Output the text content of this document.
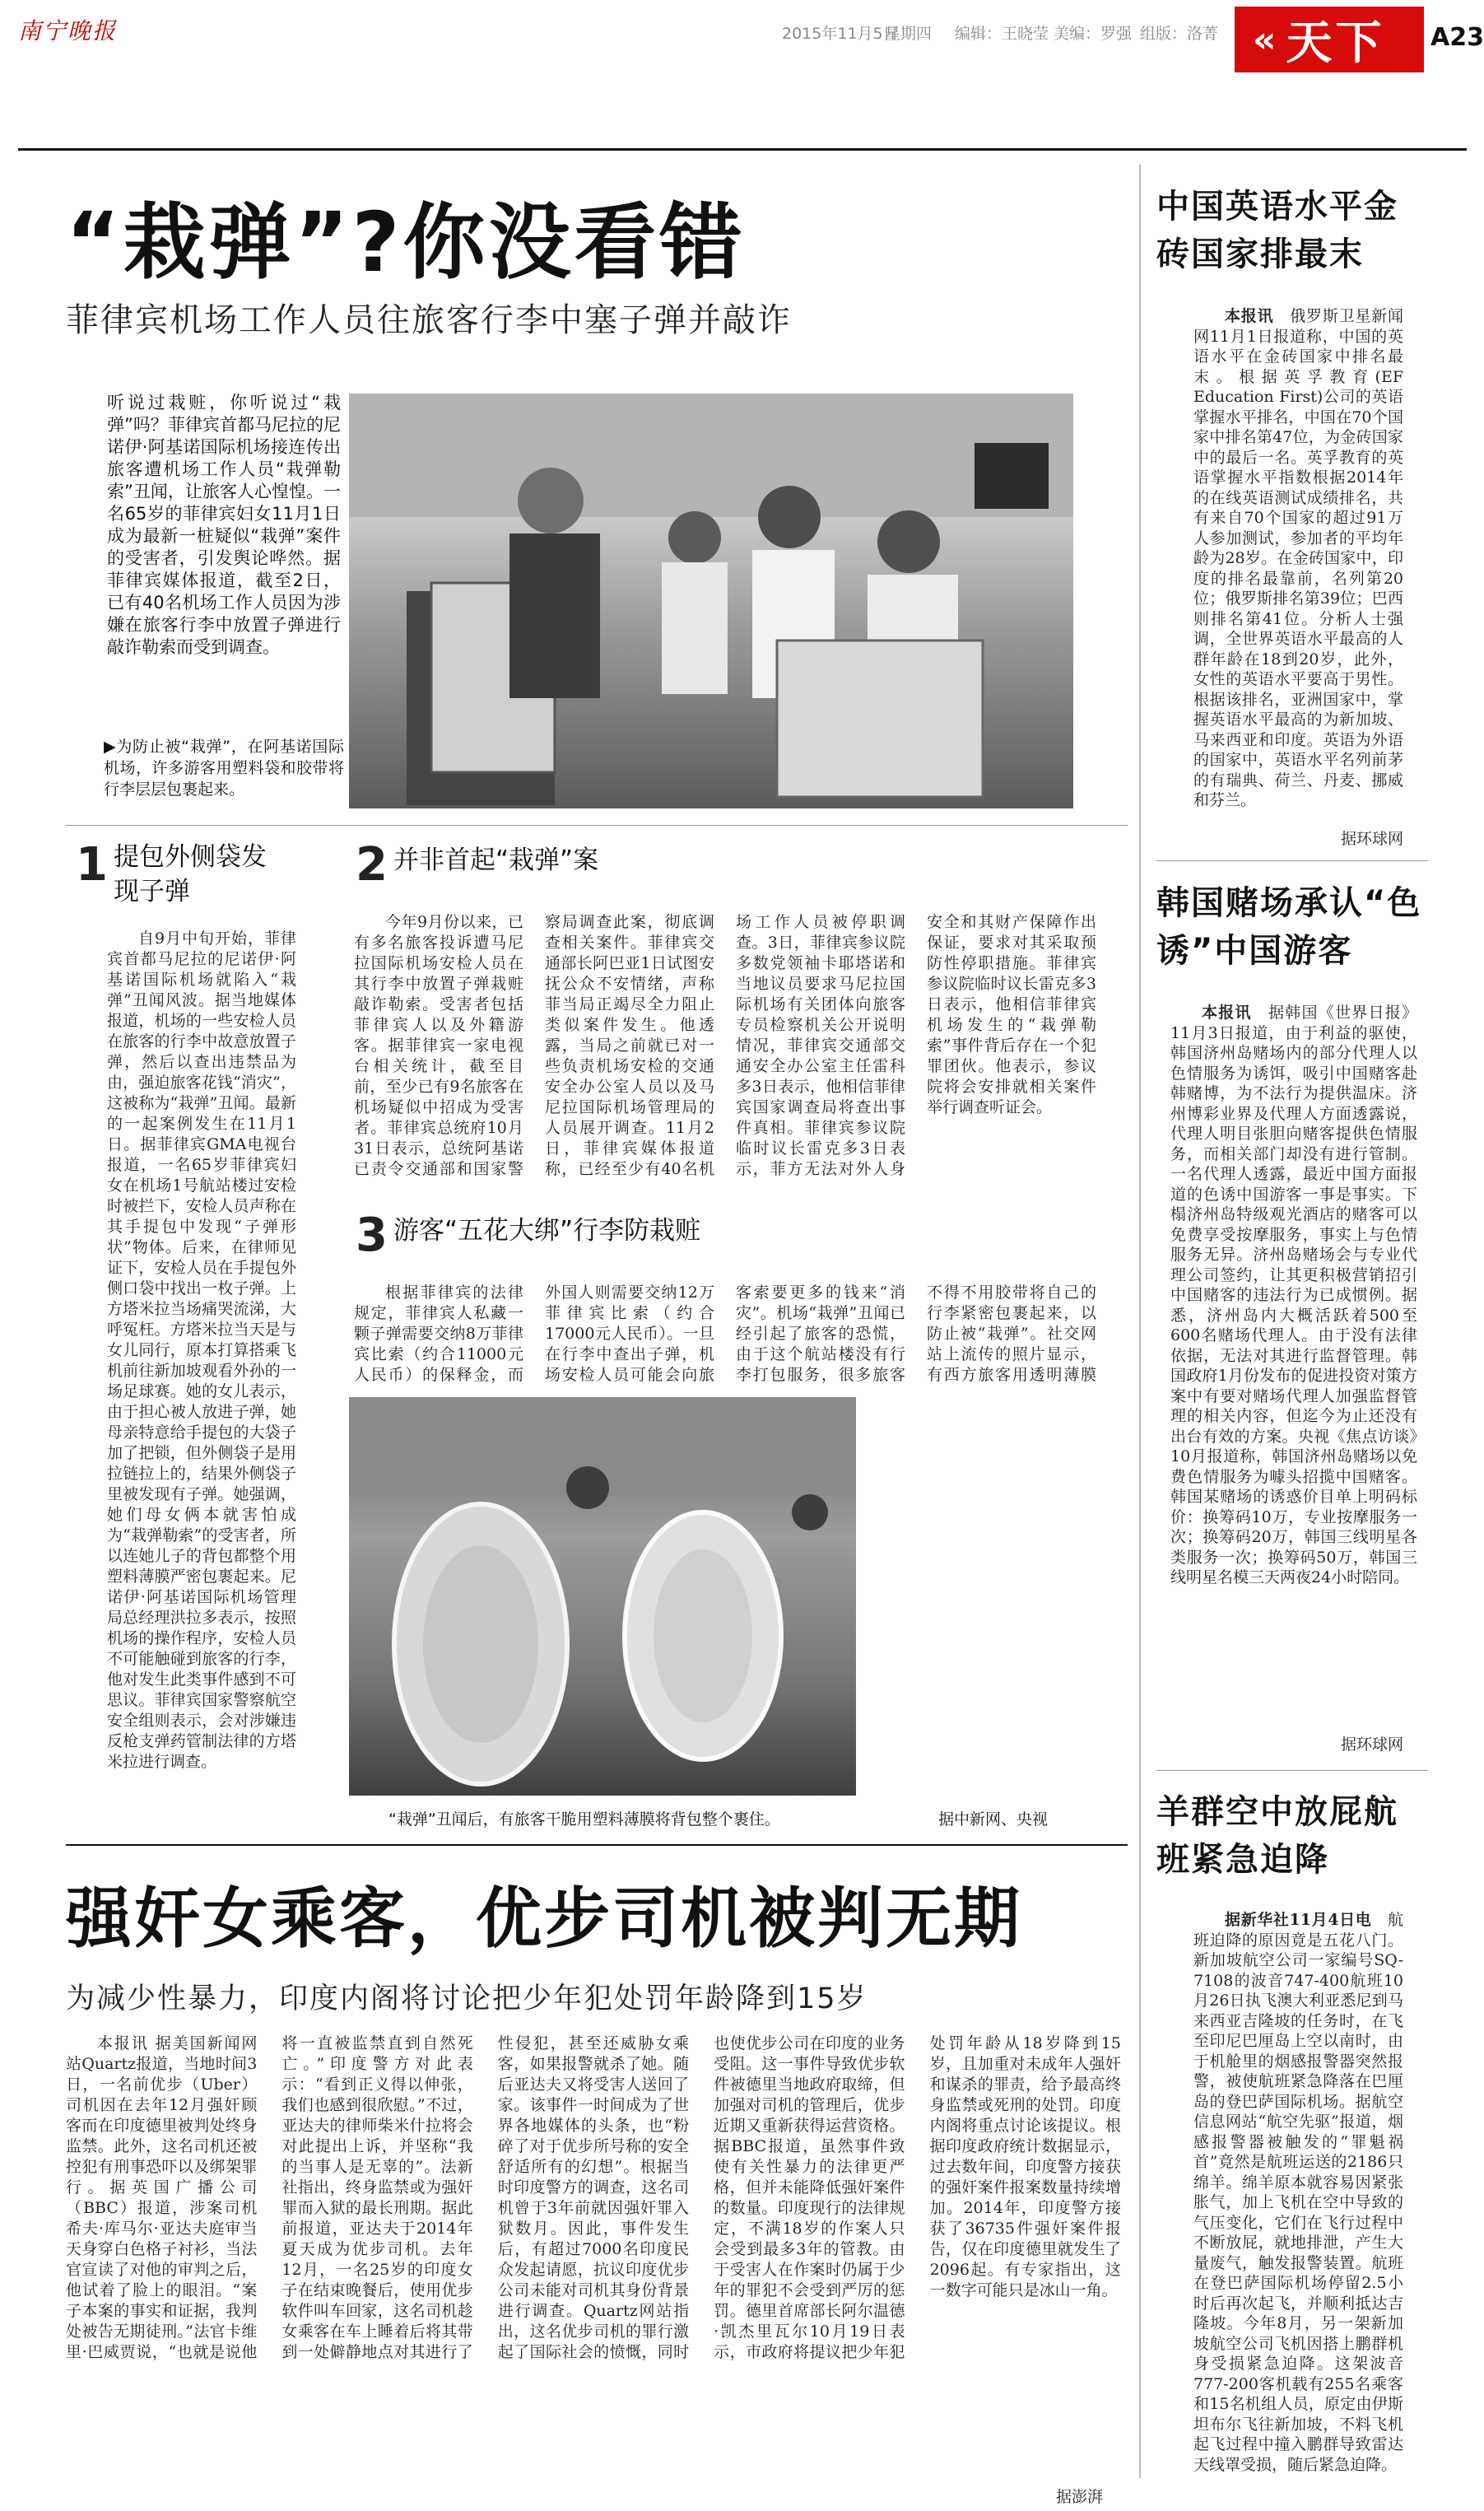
南宁晚报	2015年11月5日
星期四 编辑：王晓莹 美编：罗强 组版：洛菁 « 天下 A23
“栽弹”?你没看错
菲律宾机场工作人员往旅客行李中塞子弹并敲诈
听说过栽赃，你听说过“栽弹”吗？菲律宾首都马尼拉的尼诺伊·阿基诺国际机场接连传出旅客遭机场工作人员“栽弹勒索”丑闻，让旅客人心惶惶。一名65岁的菲律宾妇女11月1日成为最新一桩疑似“栽弹”案件的受害者，引发舆论哗然。据菲律宾媒体报道，截至2日，已有40名机场工作人员因为涉嫌在旅客行李中放置子弹进行敲诈勒索而受到调查。
▶为防止被“栽弹”，在阿基诺国际机场，许多游客用塑料袋和胶带将行李层层包裹起来。
1 提包外侧袋发现子弹
自9月中旬开始，菲律宾首都马尼拉的尼诺伊·阿基诺国际机场就陷入“栽弹”丑闻风波。据当地媒体报道，机场的一些安检人员在旅客的行李中故意放置子弹，然后以查出违禁品为由，强迫旅客花钱“消灾”，这被称为“栽弹”丑闻。最新的一起案例发生在11月1日。据菲律宾GMA电视台报道，一名65岁菲律宾妇女在机场1号航站楼过安检时被拦下，安检人员声称在其手提包中发现“子弹形状”物体。后来，在律师见证下，安检人员在手提包外侧口袋中找出一枚子弹。上方塔米拉当场痛哭流涕，大呼冤枉。方塔米拉当天是与女儿同行，原本打算搭乘飞机前往新加坡观看外孙的一场足球赛。她的女儿表示，由于担心被人放进子弹，她母亲特意给手提包的大袋子加了把锁，但外侧袋子是用拉链拉上的，结果外侧袋子里被发现有子弹。她强调，她们母女俩本就害怕成为“栽弹勒索”的受害者，所以连她儿子的背包都整个用塑料薄膜严密包裹起来。尼诺伊·阿基诺国际机场管理局总经理洪拉多表示，按照机场的操作程序，安检人员不可能触碰到旅客的行李，他对发生此类事件感到不可思议。菲律宾国家警察航空安全组则表示，会对涉嫌违反枪支弹药管制法律的方塔米拉进行调查。
2 并非首起“栽弹”案
今年9月份以来，已有多名旅客投诉遭马尼拉国际机场安检人员在其行李中放置子弹栽赃敲诈勒索。受害者包括菲律宾人以及外籍游客。据菲律宾一家电视台相关统计，截至目前，至少已有9名旅客在机场疑似中招成为受害者。菲律宾总统府10月31日表示，总统阿基诺已责令交通部和国家警察局调查此案，彻底调查相关案件。菲律宾交通部长阿巴亚1日试图安抚公众不安情绪，声称菲当局正竭尽全力阻止类似案件发生。他透露，当局之前就已对一些负责机场安检的交通安全办公室人员以及马尼拉国际机场管理局的人员展开调查。11月2日，菲律宾媒体报道称，已经至少有40名机场工作人员被停职调查。3日，菲律宾参议院多数党领袖卡耶塔诺和当地议员要求马尼拉国际机场有关团体向旅客专员检察机关公开说明情况，菲律宾交通部交通安全办公室主任雷科多3日表示，他相信菲律宾国家调查局将查出事件真相。菲律宾参议院临时议长雷克多3日表示，菲方无法对外人身安全和其财产保障作出保证，要求对其采取预防性停职措施。菲律宾参议院临时议长雷克多3日表示，他相信菲律宾机场发生的“栽弹勒索”事件背后存在一个犯罪团伙。他表示，参议院将会安排就相关案件举行调查听证会。
3 游客“五花大绑”行李防栽赃
根据菲律宾的法律规定，菲律宾人私藏一颗子弹需要交纳8万菲律宾比索（约合11000元人民币）的保释金，而外国人则需要交纳12万菲律宾比索（约合17000元人民币）。一旦在行李中查出子弹，机场安检人员可能会向旅客索要更多的钱来“消灾”。机场“栽弹”丑闻已经引起了旅客的恐慌，由于这个航站楼没有行李打包服务，很多旅客不得不用胶带将自己的行李紧密包裹起来，以防止被“栽弹”。社交网站上流传的照片显示，有西方旅客用透明薄膜
“栽弹”丑闻后，有旅客干脆用塑料薄膜将背包整个裹住。	据中新网、央视
强奸女乘客，优步司机被判无期
为减少性暴力，印度内阁将讨论把少年犯处罚年龄降到15岁
本报讯 据美国新闻网站Quartz报道，当地时间3日，一名前优步（Uber）司机因在去年12月强奸顾客而在印度德里被判处终身监禁。此外，这名司机还被控犯有刑事恐吓以及绑架罪行。据英国广播公司（BBC）报道，涉案司机希夫·库马尔·亚达夫庭审当天身穿白色格子衬衫，当法官宣读了对他的审判之后，他试着了脸上的眼泪。“案子本案的事实和证据，我判处被告无期徒刑。”法官卡维里·巴威贾说，“也就是说他将一直被监禁直到自然死亡。”印度警方对此表示：“看到正义得以伸张，我们也感到很欣慰。”不过，亚达夫的律师柴米什拉将会对此提出上诉，并坚称“我的当事人是无辜的”。法新社指出，终身监禁或为强奸罪而入狱的最长刑期。据此前报道，亚达夫于2014年夏天成为优步司机。去年12月，一名25岁的印度女子在结束晚餐后，使用优步软件叫车回家，这名司机趁女乘客在车上睡着后将其带到一处僻静地点对其进行了性侵犯，甚至还威胁女乘客，如果报警就杀了她。随后亚达夫又将受害人送回了家。该事件一时间成为了世界各地媒体的头条，也“粉碎了对于优步所号称的安全舒适所有的幻想”。根据当时印度警方的调查，这名司机曾于3年前就因强奸罪入狱数月。因此，事件发生后，有超过7000名印度民众发起请愿，抗议印度优步公司未能对司机其身份背景进行调查。Quartz网站指出，这名优步司机的罪行激起了国际社会的愤慨，同时也使优步公司在印度的业务受阻。这一事件导致优步软件被德里当地政府取缔，但加强对司机的管理后，优步近期又重新获得运营资格。据BBC报道，虽然事件致使有关性暴力的法律更严格，但并未能降低强奸案件的数量。印度现行的法律规定，不满18岁的作案人只会受到最多3年的管教。由于受害人在作案时仍属于少年的罪犯不会受到严厉的惩罚。德里首席部长阿尔温德·凯杰里瓦尔10月19日表示，市政府将提议把少年犯处罚年龄从18岁降到15岁，且加重对未成年人强奸和谋杀的罪责，给予最高终身监禁或死刑的处罚。印度内阁将重点讨论该提议。根据印度政府统计数据显示，过去数年间，印度警方接获的强奸案件报案数量持续增加。2014年，印度警方接获了36735件强奸案件报告，仅在印度德里就发生了2096起。有专家指出，这一数字可能只是冰山一角。
据澎湃
中国英语水平金砖国家排最末
本报讯　 俄罗斯卫星新闻网11月1日报道称，中国的英语水平在金砖国家中排名最末。根据英孚教育(EF Education First)公司的英语掌握水平排名，中国在70个国家中排名第47位，为金砖国家中的最后一名。英孚教育的英语掌握水平指数根据2014年的在线英语测试成绩排名，共有来自70个国家的超过91万人参加测试，参加者的平均年龄为28岁。在金砖国家中，印度的排名最靠前，名列第20位；俄罗斯排名第39位；巴西则排名第41位。分析人士强调，全世界英语水平最高的人群年龄在18到20岁，此外，女性的英语水平要高于男性。根据该排名，亚洲国家中，掌握英语水平最高的为新加坡、马来西亚和印度。英语为外语的国家中，英语水平名列前茅的有瑞典、荷兰、丹麦、挪威和芬兰。
据环球网
韩国赌场承认“色诱”中国游客
本报讯　 据韩国《世界日报》11月3日报道，由于利益的驱使，韩国济州岛赌场内的部分代理人以色情服务为诱饵，吸引中国赌客赴韩赌博，为不法行为提供温床。济州博彩业界及代理人方面透露说，代理人明目张胆向赌客提供色情服务，而相关部门却没有进行管制。一名代理人透露，最近中国方面报道的色诱中国游客一事是事实。下榻济州岛特级观光酒店的赌客可以免费享受按摩服务，事实上与色情服务无异。济州岛赌场会与专业代理公司签约，让其更积极营销招引中国赌客的违法行为已成惯例。据悉，济州岛内大概活跃着500至600名赌场代理人。由于没有法律依据，无法对其进行监督管理。韩国政府1月份发布的促进投资对策方案中有要对赌场代理人加强监督管理的相关内容，但迄今为止还没有出台有效的方案。央视《焦点访谈》10月报道称，韩国济州岛赌场以免费色情服务为噱头招揽中国赌客。韩国某赌场的诱惑价目单上明码标价：换筹码10万，专业按摩服务一次；换筹码20万，韩国三线明星各类服务一次；换筹码50万，韩国三线明星名模三天两夜24小时陪同。
据环球网
羊群空中放屁航班紧急迫降
据新华社11月4日电　 航班迫降的原因竟是五花八门。新加坡航空公司一家编号SQ-7108的波音747-400航班10月26日执飞澳大利亚悉尼到马来西亚吉隆坡的任务时，在飞至印尼巴厘岛上空以南时，由于机舱里的烟感报警器突然报警，被使航班紧急降落在巴厘岛的登巴萨国际机场。据航空信息网站“航空先驱”报道，烟感报警器被触发的“罪魁祸首”竟然是航班运送的2186只绵羊。绵羊原本就容易因紧张胀气，加上飞机在空中导致的气压变化，它们在飞行过程中不断放屁，就地排泄，产生大量废气，触发报警装置。航班在登巴萨国际机场停留2.5小时后再次起飞，并顺利抵达吉隆坡。今年8月，另一架新加坡航空公司飞机因搭上鹏群机身受损紧急迫降。这架波音777-200客机载有255名乘客和15名机组人员，原定由伊斯坦布尔飞往新加坡，不料飞机起飞过程中撞入鹏群导致雷达天线罩受损，随后紧急迫降。
